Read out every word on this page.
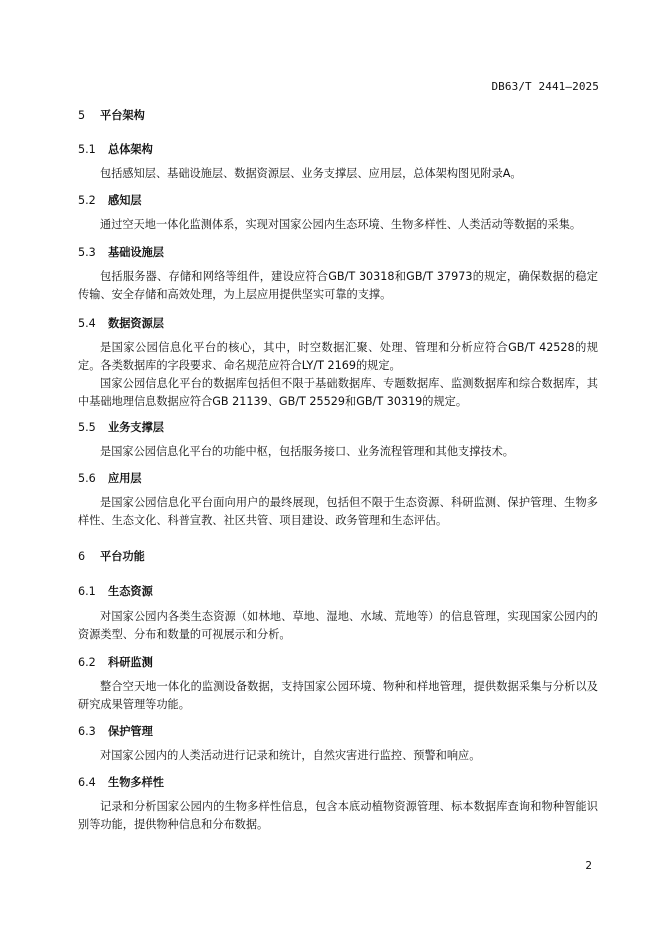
DB63/T 2441—2025
5 平台架构
5.1 总体架构
包括感知层、基础设施层、数据资源层、业务支撑层、应用层，总体架构图见附录A。
5.2 感知层
通过空天地一体化监测体系，实现对国家公园内生态环境、生物多样性、人类活动等数据的采集。
5.3 基础设施层
包括服务器、存储和网络等组件，建设应符合GB/T 30318和GB/T 37973的规定，确保数据的稳定传输、安全存储和高效处理，为上层应用提供坚实可靠的支撑。
5.4 数据资源层
是国家公园信息化平台的核心，其中，时空数据汇聚、处理、管理和分析应符合GB/T 42528的规定。各类数据库的字段要求、命名规范应符合LY/T 2169的规定。
国家公园信息化平台的数据库包括但不限于基础数据库、专题数据库、监测数据库和综合数据库，其中基础地理信息数据应符合GB 21139、GB/T 25529和GB/T 30319的规定。
5.5 业务支撑层
是国家公园信息化平台的功能中枢，包括服务接口、业务流程管理和其他支撑技术。
5.6 应用层
是国家公园信息化平台面向用户的最终展现，包括但不限于生态资源、科研监测、保护管理、生物多样性、生态文化、科普宣教、社区共管、项目建设、政务管理和生态评估。
6 平台功能
6.1 生态资源
对国家公园内各类生态资源（如林地、草地、湿地、水域、荒地等）的信息管理，实现国家公园内的资源类型、分布和数量的可视展示和分析。
6.2 科研监测
整合空天地一体化的监测设备数据，支持国家公园环境、物种和样地管理，提供数据采集与分析以及研究成果管理等功能。
6.3 保护管理
对国家公园内的人类活动进行记录和统计，自然灾害进行监控、预警和响应。
6.4 生物多样性
记录和分析国家公园内的生物多样性信息，包含本底动植物资源管理、标本数据库查询和物种智能识别等功能，提供物种信息和分布数据。
2
